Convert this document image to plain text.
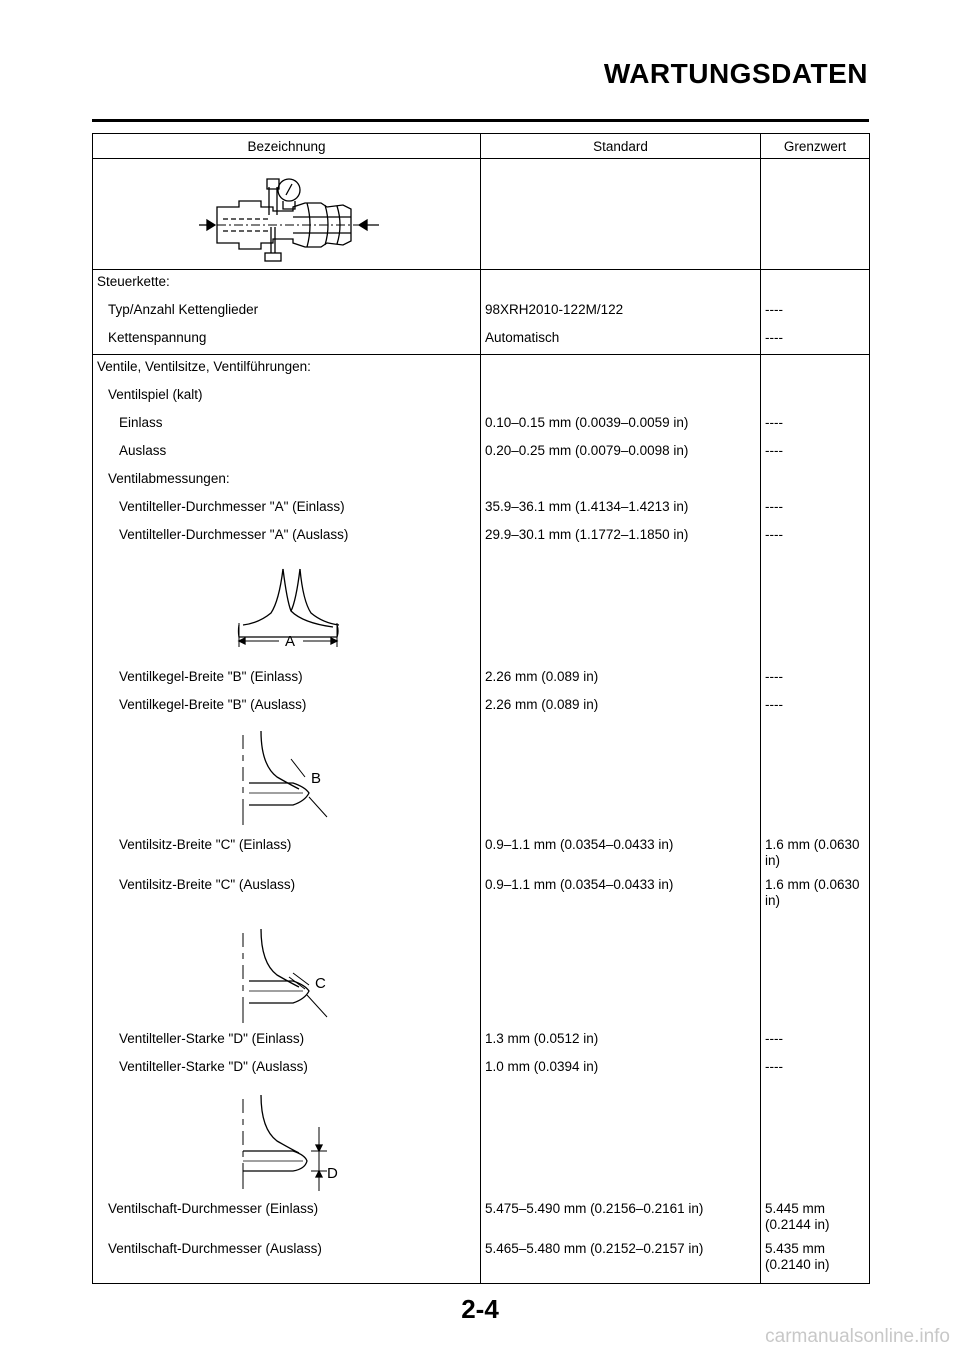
WARTUNGSDATEN
Bezeichnung	Standard	Grenzwert

Steuerkette:		
Typ/Anzahl Kettenglieder	98XRH2010-122M/122	----
Kettenspannung	Automatisch	----
Ventile, Ventilsitze, Ventilführungen:		
Ventilspiel (kalt)		
Einlass	0.10–0.15 mm (0.0039–0.0059 in)	----
Auslass	0.20–0.25 mm (0.0079–0.0098 in)	----
Ventilabmessungen:		
Ventilteller-Durchmesser "A" (Einlass)	35.9–36.1 mm (1.4134–1.4213 in)	----
Ventilteller-Durchmesser "A" (Auslass)	29.9–30.1 mm (1.1772–1.1850 in)	----

A		

Ventilkegel-Breite "B" (Einlass)	2.26 mm (0.089 in)	----
Ventilkegel-Breite "B" (Auslass)	2.26 mm (0.089 in)	----

B		

Ventilsitz-Breite "C" (Einlass)	0.9–1.1 mm (0.0354–0.0433 in)	1.6 mm (0.0630 in)
Ventilsitz-Breite "C" (Auslass)	0.9–1.1 mm (0.0354–0.0433 in)	1.6 mm (0.0630 in)

C		

Ventilteller-Starke "D" (Einlass)	1.3 mm (0.0512 in)	----
Ventilteller-Starke "D" (Auslass)	1.0 mm (0.0394 in)	----

D		

Ventilschaft-Durchmesser (Einlass)	5.475–5.490 mm (0.2156–0.2161 in)	5.445 mm (0.2144 in)
Ventilschaft-Durchmesser (Auslass)	5.465–5.480 mm (0.2152–0.2157 in)	5.435 mm (0.2140 in)
2-4
carmanualsonline.info
